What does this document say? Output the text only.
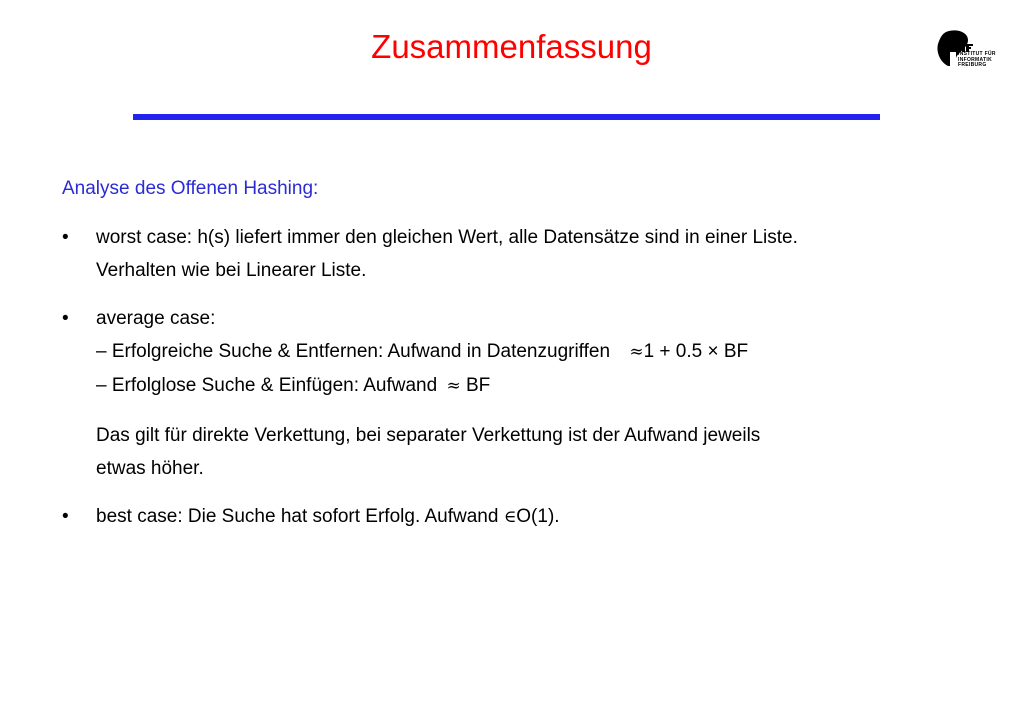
Zusammenfassung	INSTITUT FÜR
INFORMATIK
FREIBURG
Analyse des Offenen Hashing:
• worst case: h(s) liefert immer den gleichen Wert, alle Datensätze sind in einer Liste.
Verhalten wie bei Linearer Liste.
• average case:
– Erfolgreiche Suche & Entfernen: Aufwand in Datenzugriffen ≈1 + 0.5 × BF
– Erfolglose Suche & Einfügen: Aufwand ≈ BF
Das gilt für direkte Verkettung, bei separater Verkettung ist der Aufwand jeweils
etwas höher.
• best case: Die Suche hat sofort Erfolg. Aufwand ∈O(1).
